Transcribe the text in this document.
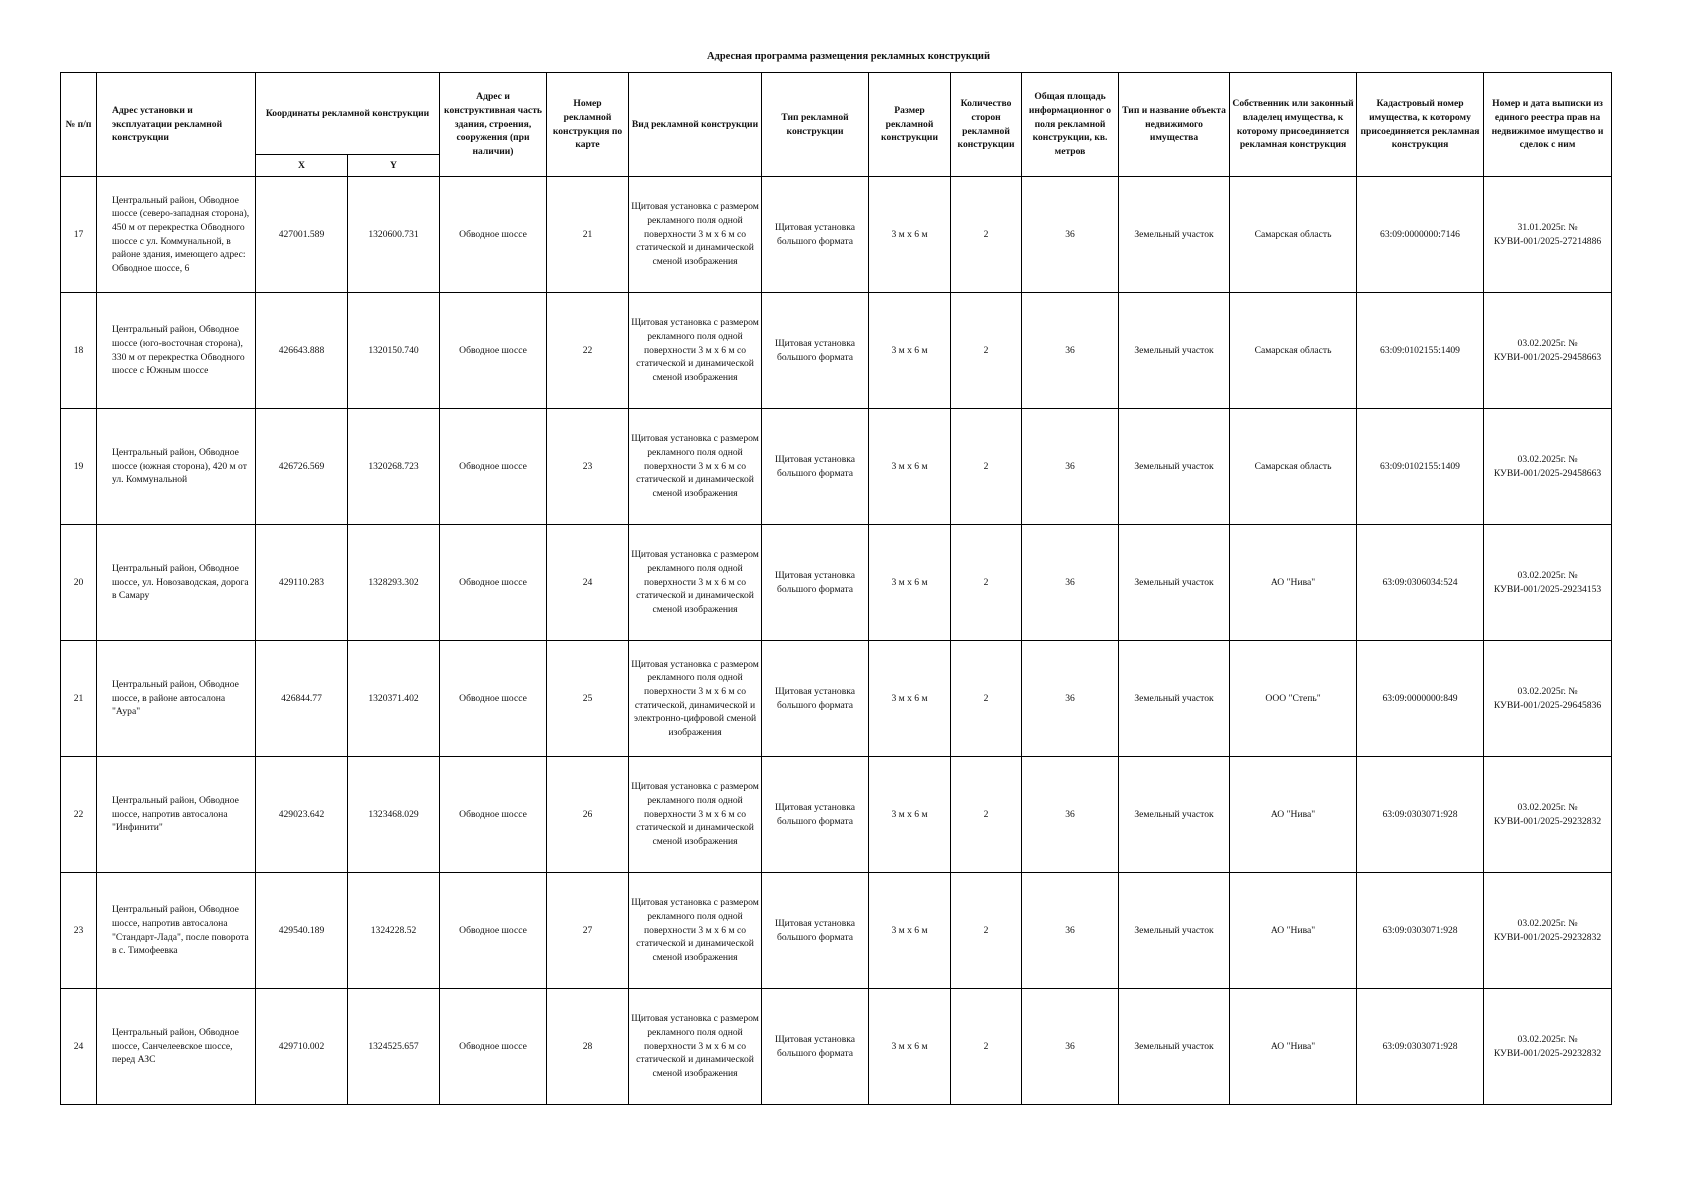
Адресная программа размещения рекламных конструкций
№ п/п	Адрес установки и эксплуатации рекламной конструкции	Координаты рекламной конструкции		Адрес и конструктивная часть здания, строения, сооружения (при наличии)	Номер рекламной конструкция по карте	Вид рекламной конструкции	Тип рекламной конструкции	Размер рекламной конструкции	Количество сторон рекламной конструкции	Общая площадь информационног о поля рекламной конструкции, кв. метров	Тип и название объекта недвижимого имущества	Собственник или законный владелец имущества, к которому присоединяется рекламная конструкция	Кадастровый номер имущества, к которому присоединяется рекламная конструкция	Номер и дата выписки из единого реестра прав на недвижимое имущество и сделок с ним
		X	Y											
17	Центральный район, Обводное шоссе (северо-западная сторона), 450 м от перекрестка Обводного шоссе с ул. Коммунальной, в районе здания, имеющего адрес: Обводное шоссе, 6	427001.589	1320600.731	Обводное шоссе	21	Щитовая установка с размером рекламного поля одной поверхности 3 м х 6 м со статической и динамической сменой изображения	Щитовая установка большого формата	3 м х 6 м	2	36	Земельный участок	Самарская область	63:09:0000000:7146	31.01.2025г. № КУВИ-001/2025-27214886
18	Центральный район, Обводное шоссе (юго-восточная сторона), 330 м от перекрестка Обводного шоссе с Южным шоссе	426643.888	1320150.740	Обводное шоссе	22	Щитовая установка с размером рекламного поля одной поверхности 3 м х 6 м со статической и динамической сменой изображения	Щитовая установка большого формата	3 м х 6 м	2	36	Земельный участок	Самарская область	63:09:0102155:1409	03.02.2025г. № КУВИ-001/2025-29458663
19	Центральный район, Обводное шоссе (южная сторона), 420 м от ул. Коммунальной	426726.569	1320268.723	Обводное шоссе	23	Щитовая установка с размером рекламного поля одной поверхности 3 м х 6 м со статической и динамической сменой изображения	Щитовая установка большого формата	3 м х 6 м	2	36	Земельный участок	Самарская область	63:09:0102155:1409	03.02.2025г. № КУВИ-001/2025-29458663
20	Центральный район, Обводное шоссе, ул. Новозаводская, дорога в Самару	429110.283	1328293.302	Обводное шоссе	24	Щитовая установка с размером рекламного поля одной поверхности 3 м х 6 м со статической и динамической сменой изображения	Щитовая установка большого формата	3 м х 6 м	2	36	Земельный участок	АО "Нива"	63:09:0306034:524	03.02.2025г. № КУВИ-001/2025-29234153
21	Центральный район, Обводное шоссе, в районе автосалона "Аура"	426844.77	1320371.402	Обводное шоссе	25	Щитовая установка с размером рекламного поля одной поверхности 3 м х 6 м со статической, динамической и электронно-цифровой сменой изображения	Щитовая установка большого формата	3 м х 6 м	2	36	Земельный участок	ООО "Степь"	63:09:0000000:849	03.02.2025г. № КУВИ-001/2025-29645836
22	Центральный район, Обводное шоссе, напротив автосалона "Инфинити"	429023.642	1323468.029	Обводное шоссе	26	Щитовая установка с размером рекламного поля одной поверхности 3 м х 6 м со статической и динамической сменой изображения	Щитовая установка большого формата	3 м х 6 м	2	36	Земельный участок	АО "Нива"	63:09:0303071:928	03.02.2025г. № КУВИ-001/2025-29232832
23	Центральный район, Обводное шоссе, напротив автосалона "Стандарт-Лада", после поворота в с. Тимофеевка	429540.189	1324228.52	Обводное шоссе	27	Щитовая установка с размером рекламного поля одной поверхности 3 м х 6 м со статической и динамической сменой изображения	Щитовая установка большого формата	3 м х 6 м	2	36	Земельный участок	АО "Нива"	63:09:0303071:928	03.02.2025г. № КУВИ-001/2025-29232832
24	Центральный район, Обводное шоссе, Санчелеевское шоссе, перед АЗС	429710.002	1324525.657	Обводное шоссе	28	Щитовая установка с размером рекламного поля одной поверхности 3 м х 6 м со статической и динамической сменой изображения	Щитовая установка большого формата	3 м х 6 м	2	36	Земельный участок	АО "Нива"	63:09:0303071:928	03.02.2025г. № КУВИ-001/2025-29232832
